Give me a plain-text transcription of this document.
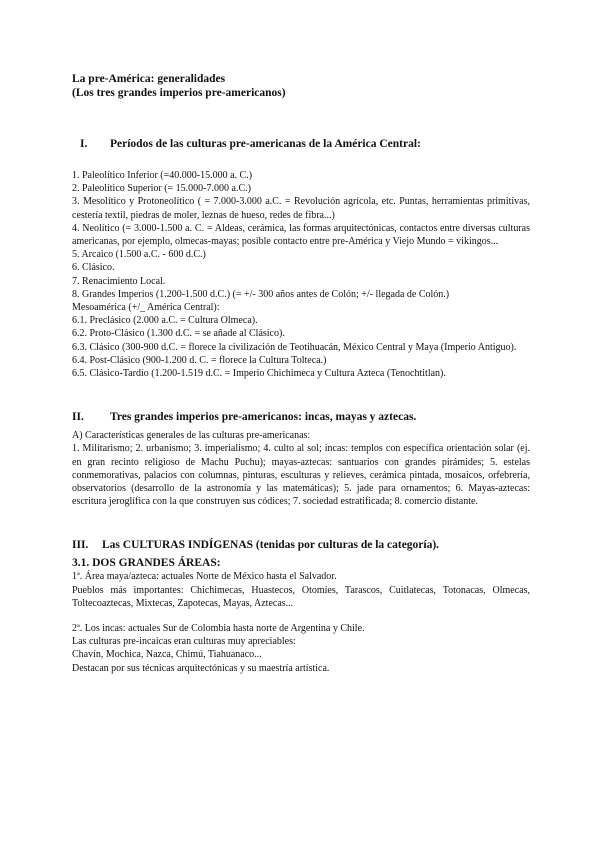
La pre-América: generalidades

(Los tres grandes imperios pre-americanos)

I.	Períodos de las culturas pre-americanas de la América Central:

1. Paleolítico Inferior (=40.000-15.000 a. C.)

2. Paleolítico Superior (= 15.000-7.000 a.C.)

3. Mesolítico y Protoneolítico ( = 7.000-3.000 a.C. = Revolución agrícola, etc. Puntas, herramientas primitivas, cestería textil, piedras de moler, leznas de hueso, redes de fibra...)

4. Neolítico (= 3.000-1.500 a. C. = Aldeas, cerámica, las formas arquitectónicas, contactos entre diversas culturas americanas, por ejemplo, olmecas-mayas; posible contacto entre pre-América y Viejo Mundo = vikingos...

5. Arcaico (1.500 a.C. - 600 d.C.)

6. Clásico.

7. Renacimiento Local.

8. Grandes Imperios (1.200-1.500 d.C.) (= +/- 300 años antes de Colón; +/- llegada de Colón.)

Mesoamérica (+/_ América Central):

6.1. Preclásico (2.000 a.C. = Cultura Olmeca).

6.2. Proto-Clásico (1.300 d.C. = se añade al Clásico).

6.3. Clásico (300-900 d.C. = florece la civilización de Teotihuacán, México Central y Maya (Imperio Antiguo).

6.4. Post-Clásico (900-1.200 d. C. = florece la Cultura Tolteca.)

6.5. Clásico-Tardío (1.200-1.519 d.C. = Imperio Chichimeca y Cultura Azteca (Tenochtitlan).

II.	Tres grandes imperios pre-americanos: incas, mayas y aztecas.

A) Características generales de las culturas pre-americanas:

1. Militarismo; 2. urbanismo; 3. imperialismo; 4. culto al sol; incas: templos con específica orientación solar (ej. en gran recinto religioso de Machu Puchu); mayas-aztecas: santuarios con grandes pirámides; 5. estelas conmemorativas, palacios con columnas, pinturas, esculturas y relieves, cerámica pintada, mosaicos, orfebrería, observatorios (desarrollo de la astronomía y las matemáticas); 5. jade para ornamentos; 6. Mayas-aztecas: escritura jeroglífica con la que construyen sus códices; 7. sociedad estratificada; 8. comercio distante.

III.	Las CULTURAS INDÍGENAS (tenidas por culturas de la categoría).
3.1. DOS GRANDES ÁREAS:

1ª. Área maya/azteca: actuales Norte de México hasta el Salvador.

Pueblos más importantes: Chichimecas, Huastecos, Otomíes, Tarascos, Cuitlatecas, Totonacas, Olmecas, Toltecoaztecas, Mixtecas, Zapotecas, Mayas, Aztecas...

2ª. Los incas: actuales Sur de Colombia hasta norte de Argentina y Chile.

Las culturas pre-incaicas eran culturas muy apreciables:

Chavín, Mochica, Nazca, Chimú, Tiahuanaco...

Destacan por sus técnicas arquitectónicas y su maestría artística.
